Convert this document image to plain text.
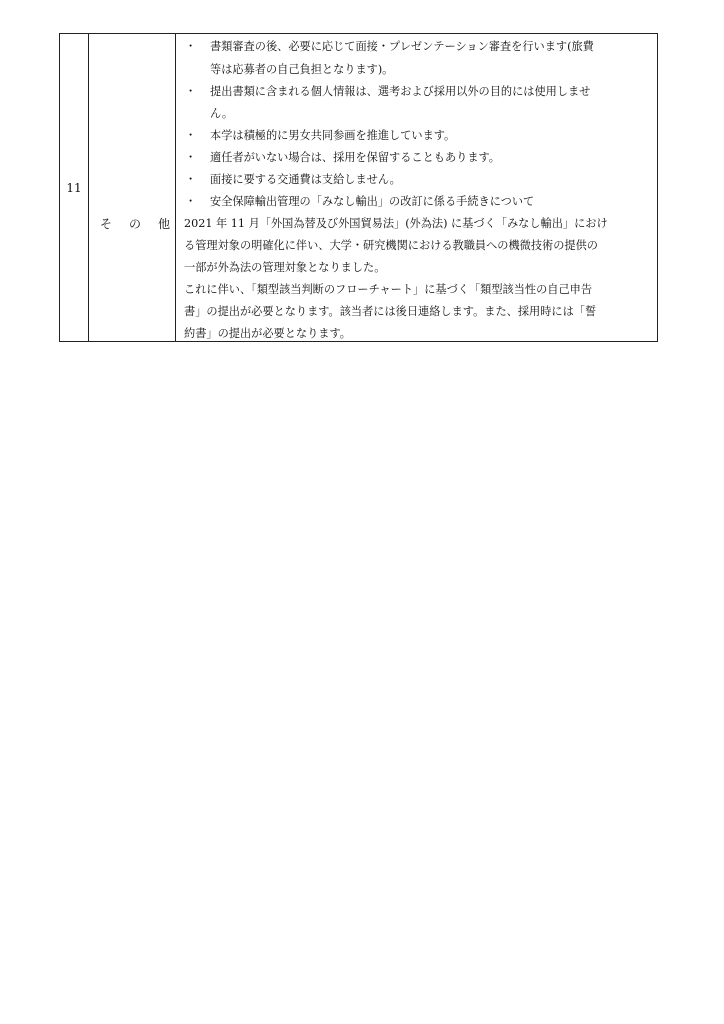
11
そ の 他
・ 書類審査の後、必要に応じて面接・プレゼンテーション審査を行います(旅費
等は応募者の自己負担となります)。
・ 提出書類に含まれる個人情報は、選考および採用以外の目的には使用しませ
ん。
・ 本学は積極的に男女共同参画を推進しています。
・ 適任者がいない場合は、採用を保留することもあります。
・ 面接に要する交通費は支給しません。
・ 安全保障輸出管理の「みなし輸出」の改訂に係る手続きについて
2021 年 11 月「外国為替及び外国貿易法」(外為法) に基づく「みなし輸出」におけ
る管理対象の明確化に伴い、大学・研究機関における教職員への機微技術の提供の
一部が外為法の管理対象となりました。
これに伴い、「類型該当判断のフローチャート」に基づく「類型該当性の自己申告
書」の提出が必要となります。該当者には後日連絡します。また、採用時には「誓
約書」の提出が必要となります。
